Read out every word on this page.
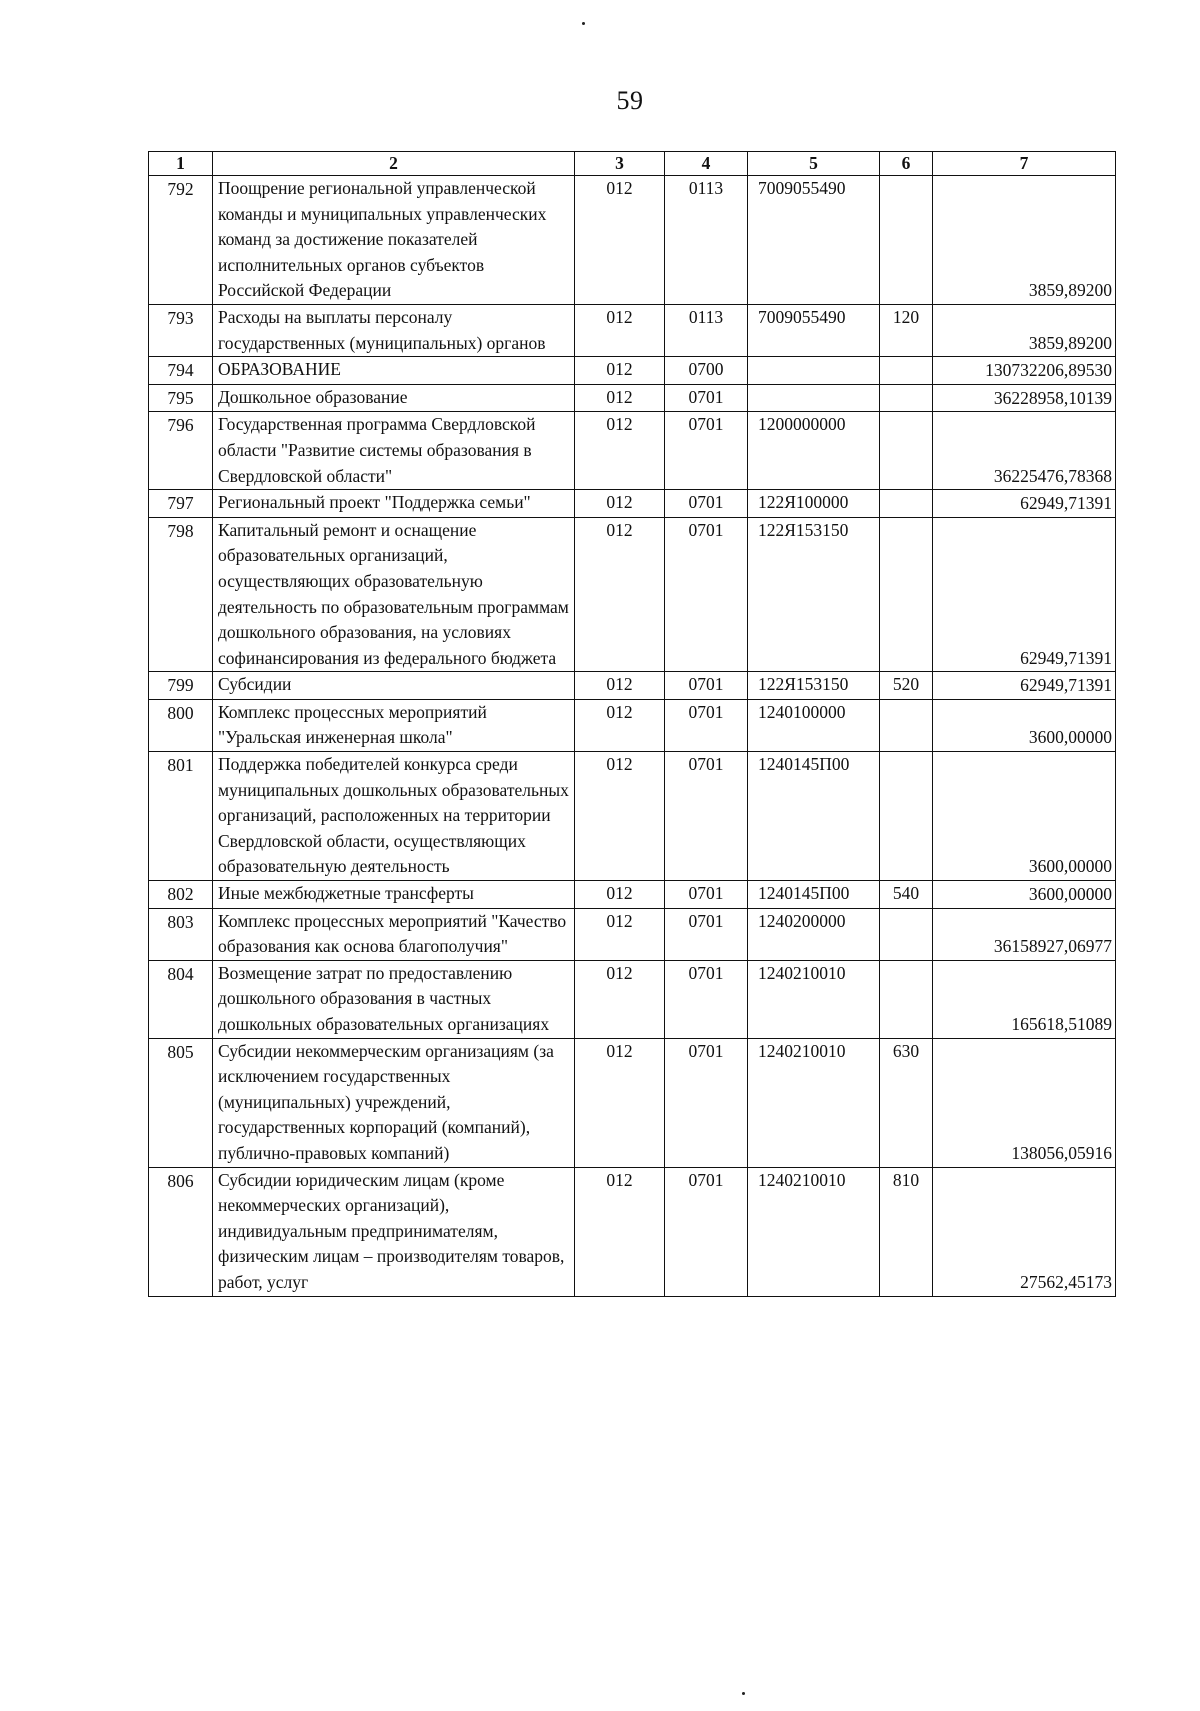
59
1	2	3	4	5	6	7
792	Поощрение региональной управленческой команды и муниципальных управленческих команд за достижение показателей исполнительных органов субъектов Российской Федерации	012	0113	7009055490		3859,89200
793	Расходы на выплаты персоналу государственных (муниципальных) органов	012	0113	7009055490	120	3859,89200
794	ОБРАЗОВАНИЕ	012	0700			130732206,89530
795	Дошкольное образование	012	0701			36228958,10139
796	Государственная программа Свердловской области "Развитие системы образования в Свердловской области"	012	0701	1200000000		36225476,78368
797	Региональный проект "Поддержка семьи"	012	0701	122Я100000		62949,71391
798	Капитальный ремонт и оснащение образовательных организаций, осуществляющих образовательную деятельность по образовательным программам дошкольного образования, на условиях софинансирования из федерального бюджета	012	0701	122Я153150		62949,71391
799	Субсидии	012	0701	122Я153150	520	62949,71391
800	Комплекс процессных мероприятий "Уральская инженерная школа"	012	0701	1240100000		3600,00000
801	Поддержка победителей конкурса среди муниципальных дошкольных образовательных организаций, расположенных на территории Свердловской области, осуществляющих образовательную деятельность	012	0701	1240145П00		3600,00000
802	Иные межбюджетные трансферты	012	0701	1240145П00	540	3600,00000
803	Комплекс процессных мероприятий "Качество образования как основа благополучия"	012	0701	1240200000		36158927,06977
804	Возмещение затрат по предоставлению дошкольного образования в частных дошкольных образовательных организациях	012	0701	1240210010		165618,51089
805	Субсидии некоммерческим организациям (за исключением государственных (муниципальных) учреждений, государственных корпораций (компаний), публично-правовых компаний)	012	0701	1240210010	630	138056,05916
806	Субсидии юридическим лицам (кроме некоммерческих организаций), индивидуальным предпринимателям, физическим лицам – производителям товаров, работ, услуг	012	0701	1240210010	810	27562,45173
